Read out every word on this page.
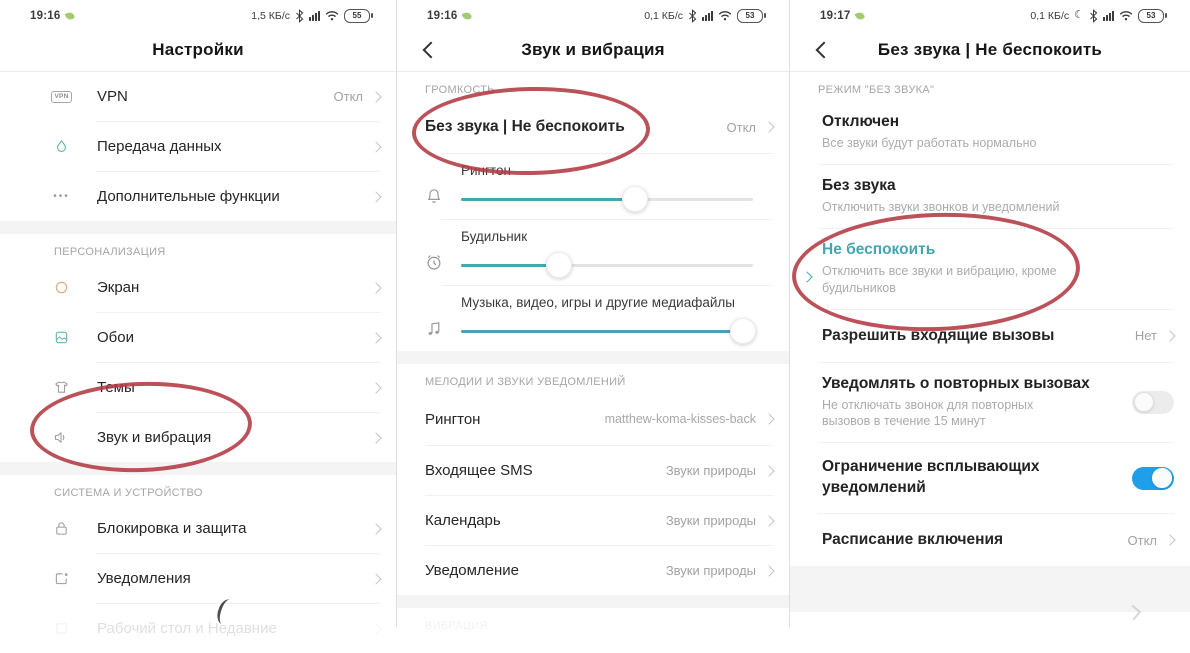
19:16	1,5 КБ/с	55
Настройки
VPN VPN	Откл
Передача данных
••• Дополнительные функции
ПЕРСОНАЛИЗАЦИЯ
Экран
Обои
Темы
Звук и вибрация
СИСТЕМА И УСТРОЙСТВО
Блокировка и защита
Уведомления
Рабочий стол и Недавние
19:16	0,1 КБ/с	53
Звук и вибрация
ГРОМКОСТЬ
Без звука | Не беспокоить	Откл
Рингтон
Будильник
Музыка, видео, игры и другие медиафайлы
МЕЛОДИИ И ЗВУКИ УВЕДОМЛЕНИЙ
Рингтон	matthew-koma-kisses-back
Входящее SMS	Звуки природы
Календарь	Звуки природы
Уведомление	Звуки природы
ВИБРАЦИЯ
19:17	0,1 КБ/с ☾	53
Без звука | Не беспокоить
РЕЖИМ "БЕЗ ЗВУКА"
Отключен
Все звуки будут работать нормально
Без звука
Отключить звуки звонков и уведомлений
Не беспокоить
Отключить все звуки и вибрацию, кроме будильников
Разрешить входящие вызовы	Нет
Уведомлять о повторных вызовах
Не отключать звонок для повторных вызовов в течение 15 минут
Ограничение всплывающих уведомлений
Расписание включения	Откл
